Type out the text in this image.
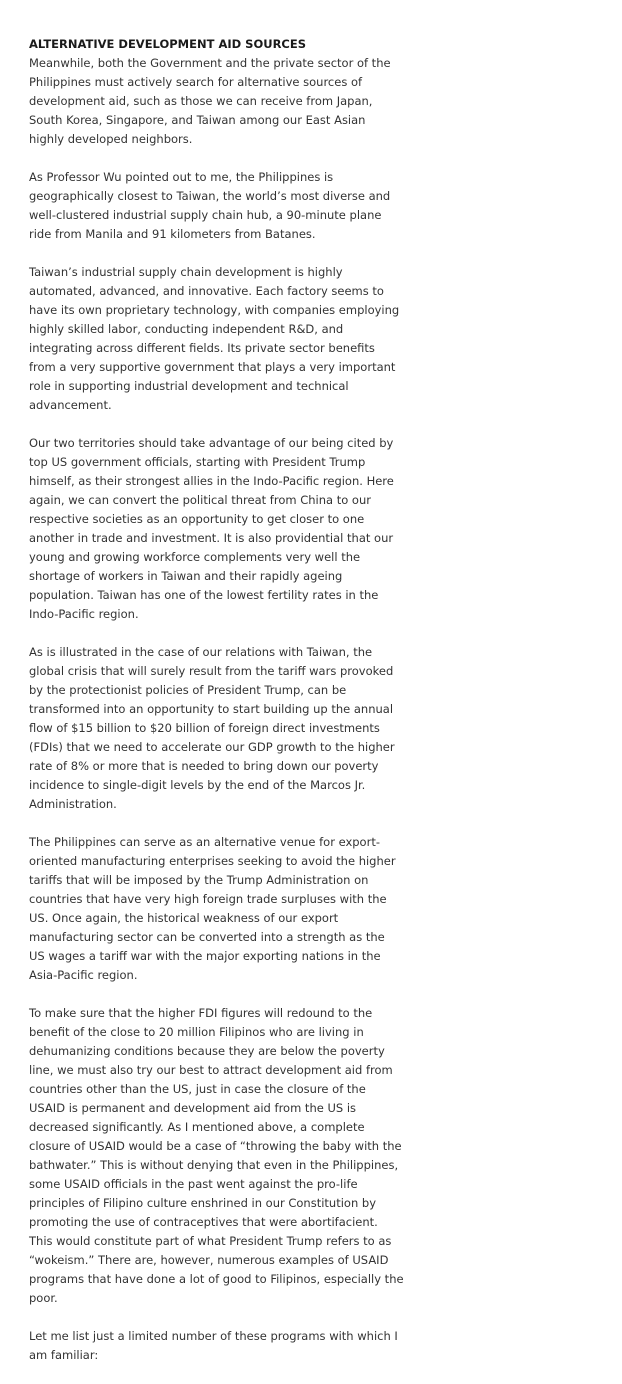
ALTERNATIVE DEVELOPMENT AID SOURCES

Meanwhile, both the Government and the private sector of the Philippines must actively search for alternative sources of development aid, such as those we can receive from Japan, South Korea, Singapore, and Taiwan among our East Asian highly developed neighbors.

As Professor Wu pointed out to me, the Philippines is geographically closest to Taiwan, the world’s most diverse and well-clustered industrial supply chain hub, a 90-minute plane ride from Manila and 91 kilometers from Batanes.

Taiwan’s industrial supply chain development is highly automated, advanced, and innovative. Each factory seems to have its own proprietary technology, with companies employing highly skilled labor, conducting independent R&D, and integrating across different fields. Its private sector benefits from a very supportive government that plays a very important role in supporting industrial development and technical advancement.

Our two territories should take advantage of our being cited by top US government officials, starting with President Trump himself, as their strongest allies in the Indo-Pacific region. Here again, we can convert the political threat from China to our respective societies as an opportunity to get closer to one another in trade and investment. It is also providential that our young and growing workforce complements very well the shortage of workers in Taiwan and their rapidly ageing population. Taiwan has one of the lowest fertility rates in the Indo-Pacific region.

As is illustrated in the case of our relations with Taiwan, the global crisis that will surely result from the tariff wars provoked by the protectionist policies of President Trump, can be transformed into an opportunity to start building up the annual flow of $15 billion to $20 billion of foreign direct investments (FDIs) that we need to accelerate our GDP growth to the higher rate of 8% or more that is needed to bring down our poverty incidence to single-digit levels by the end of the Marcos Jr. Administration.

The Philippines can serve as an alternative venue for export-oriented manufacturing enterprises seeking to avoid the higher tariffs that will be imposed by the Trump Administration on countries that have very high foreign trade surpluses with the US. Once again, the historical weakness of our export manufacturing sector can be converted into a strength as the US wages a tariff war with the major exporting nations in the Asia-Pacific region.

To make sure that the higher FDI figures will redound to the benefit of the close to 20 million Filipinos who are living in dehumanizing conditions because they are below the poverty line, we must also try our best to attract development aid from countries other than the US, just in case the closure of the USAID is permanent and development aid from the US is decreased significantly. As I mentioned above, a complete closure of USAID would be a case of “throwing the baby with the bathwater.” This is without denying that even in the Philippines, some USAID officials in the past went against the pro-life principles of Filipino culture enshrined in our Constitution by promoting the use of contraceptives that were abortifacient. This would constitute part of what President Trump refers to as “wokeism.” There are, however, numerous examples of USAID programs that have done a lot of good to Filipinos, especially the poor.

Let me list just a limited number of these programs with which I am familiar:
